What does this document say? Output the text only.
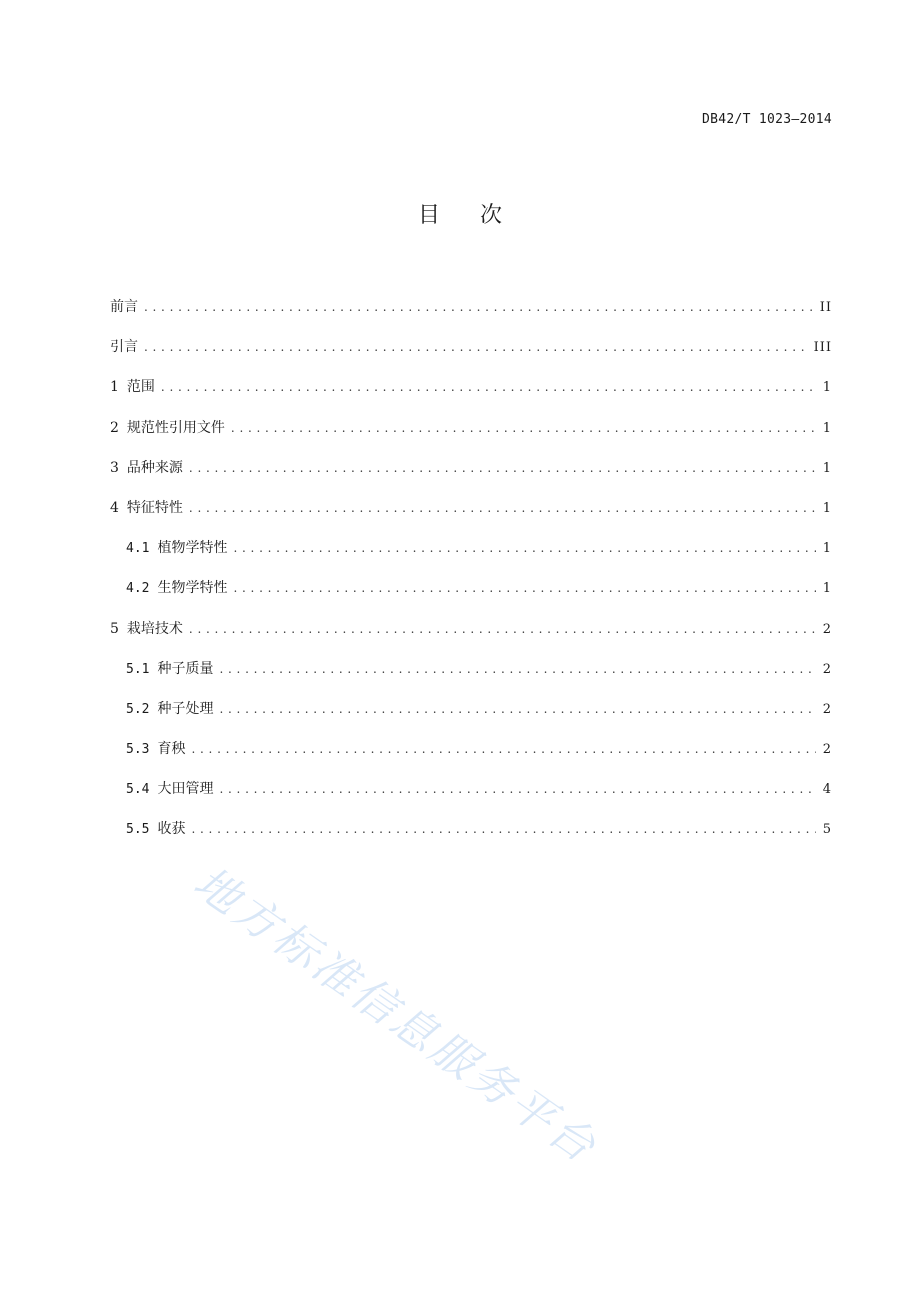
DB42/T 1023—2014
目 次
前言 . . .	II
引言 . . .	III
1 范围 . . .	1
2 规范性引用文件 . . .	1
3 品种来源 . . .	1
4 特征特性 . . .	1
4.1 植物学特性 . . .	1
4.2 生物学特性 . . .	1
5 栽培技术 . . .	2
5.1 种子质量 . . .	2
5.2 种子处理 . . .	2
5.3 育秧 . . .	2
5.4 大田管理 . . .	4
5.5 收获 . . .	5
地方标准信息服务平台
